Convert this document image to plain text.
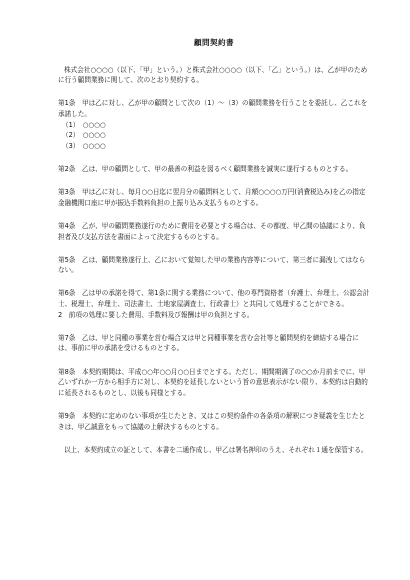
顧問契約書
株式会社○○○○（以下、「甲」という。）と株式会社○○○○（以下、「乙」という。）は、乙が甲のために行う顧問業務に関して、次のとおり契約する。
第1条　 甲は乙に対し、乙が甲の顧問として次の（1）～（3）の顧問業務を行うことを委託し、乙これを承諾した。
（1）　○○○○
（2）　○○○○
（3）　○○○○
第2条　 乙は、甲の顧問として、甲の最善の利益を図るべく顧問業務を誠実に遂行するものとする。
第3条　 甲は乙に対し、毎月○○日迄に翌月分の顧問料として、月額○○○○万円(消費税込み)を乙の指定金融機関口座に甲が振込手数料負担の上振り込み支払うものとする。
第4条　 乙が、甲の顧問業務遂行のために費用を必要とする場合は、その都度、甲乙間の協議により、負担者及び支払方法を書面によって決定するものとする。
第5条　 乙は、顧問業務遂行上、乙において覚知した甲の業務内容等について、第三者に漏洩してはならない。
第6条　 乙は甲の承諾を得て、第1条に関する業務について、他の専門資格者（弁護士、弁理士、公認会計士、税理士、弁理士、司法書士、土地家屋調査士、行政書士）と共同して処理することができる。
2　前項の処理に要した費用、手数料及び報酬は甲の負担とする。
第7条　 乙は、甲と同種の事業を営む場合又は甲と同種事業を営む会社等と顧問契約を締結する場合には、事前に甲の承諾を受けるものとする。
第8条　 本契約期間は、平成○○年○○月○○日までとする。ただし、期間期満了の○○か月前までに、甲乙いずれか一方から相手方に対し、本契約を延長しないという旨の意思表示がない限り、本契約は自動的に延長されるものとし、以後も同様とする。
第9条　 本契約に定めのない事項が生じたとき、又はこの契約条件の各条項の解釈につき疑義を生じたときは、甲乙誠意をもって協議の上解決するものとする。
以上、本契約成立の証として、本書を二通作成し、甲乙は署名押印のうえ、それぞれ１通を保管する。
